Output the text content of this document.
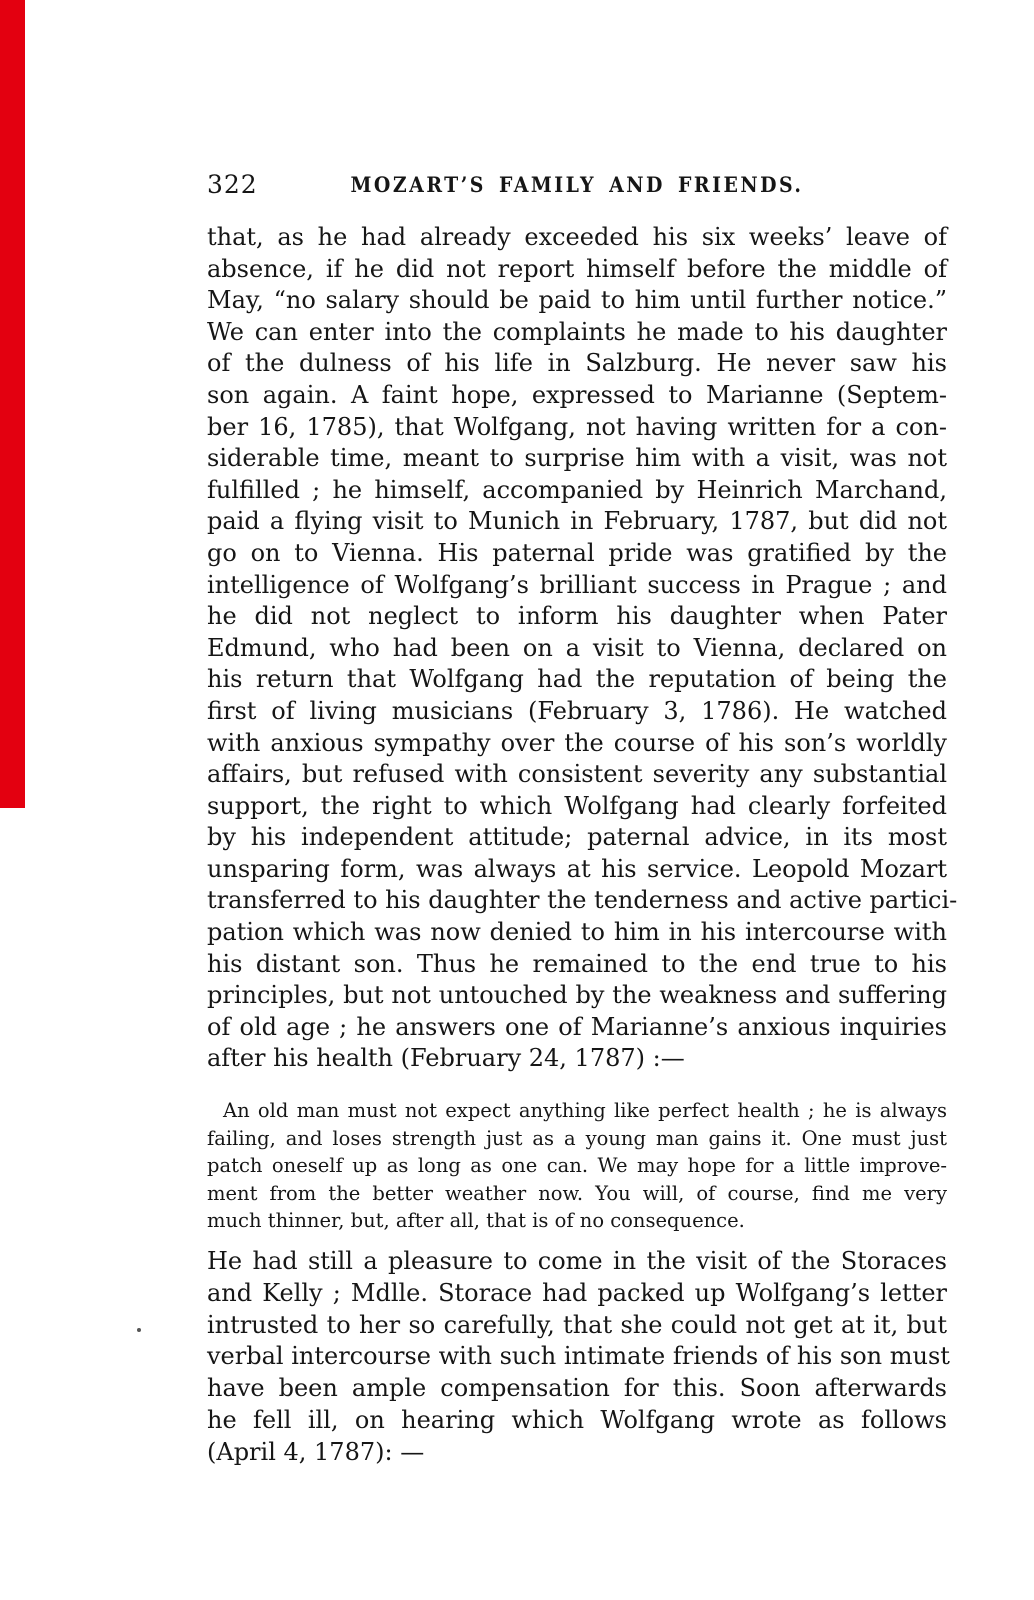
322	MOZART’S FAMILY AND FRIENDS.
that, as he had already exceeded his six weeks’ leave of
absence, if he did not report himself before the middle of
May, “no salary should be paid to him until further notice.”
We can enter into the complaints he made to his daughter
of the dulness of his life in Salzburg. He never saw his
son again. A faint hope, expressed to Marianne (Septem-
ber 16, 1785), that Wolfgang, not having written for a con-
siderable time, meant to surprise him with a visit, was not
fulfilled ; he himself, accompanied by Heinrich Marchand,
paid a flying visit to Munich in February, 1787, but did not
go on to Vienna. His paternal pride was gratified by the
intelligence of Wolfgang’s brilliant success in Prague ; and
he did not neglect to inform his daughter when Pater
Edmund, who had been on a visit to Vienna, declared on
his return that Wolfgang had the reputation of being the
first of living musicians (February 3, 1786). He watched
with anxious sympathy over the course of his son’s worldly
affairs, but refused with consistent severity any substantial
support, the right to which Wolfgang had clearly forfeited
by his independent attitude; paternal advice, in its most
unsparing form, was always at his service. Leopold Mozart
transferred to his daughter the tenderness and active partici-
pation which was now denied to him in his intercourse with
his distant son. Thus he remained to the end true to his
principles, but not untouched by the weakness and suffering
of old age ; he answers one of Marianne’s anxious inquiries
after his health (February 24, 1787) :—
An old man must not expect anything like perfect health ; he is always
failing, and loses strength just as a young man gains it. One must just
patch oneself up as long as one can. We may hope for a little improve-
ment from the better weather now. You will, of course, find me very
much thinner, but, after all, that is of no consequence.
He had still a pleasure to come in the visit of the Storaces
and Kelly ; Mdlle. Storace had packed up Wolfgang’s letter
intrusted to her so carefully, that she could not get at it, but
verbal intercourse with such intimate friends of his son must
have been ample compensation for this. Soon afterwards
he fell ill, on hearing which Wolfgang wrote as follows
(April 4, 1787): —
